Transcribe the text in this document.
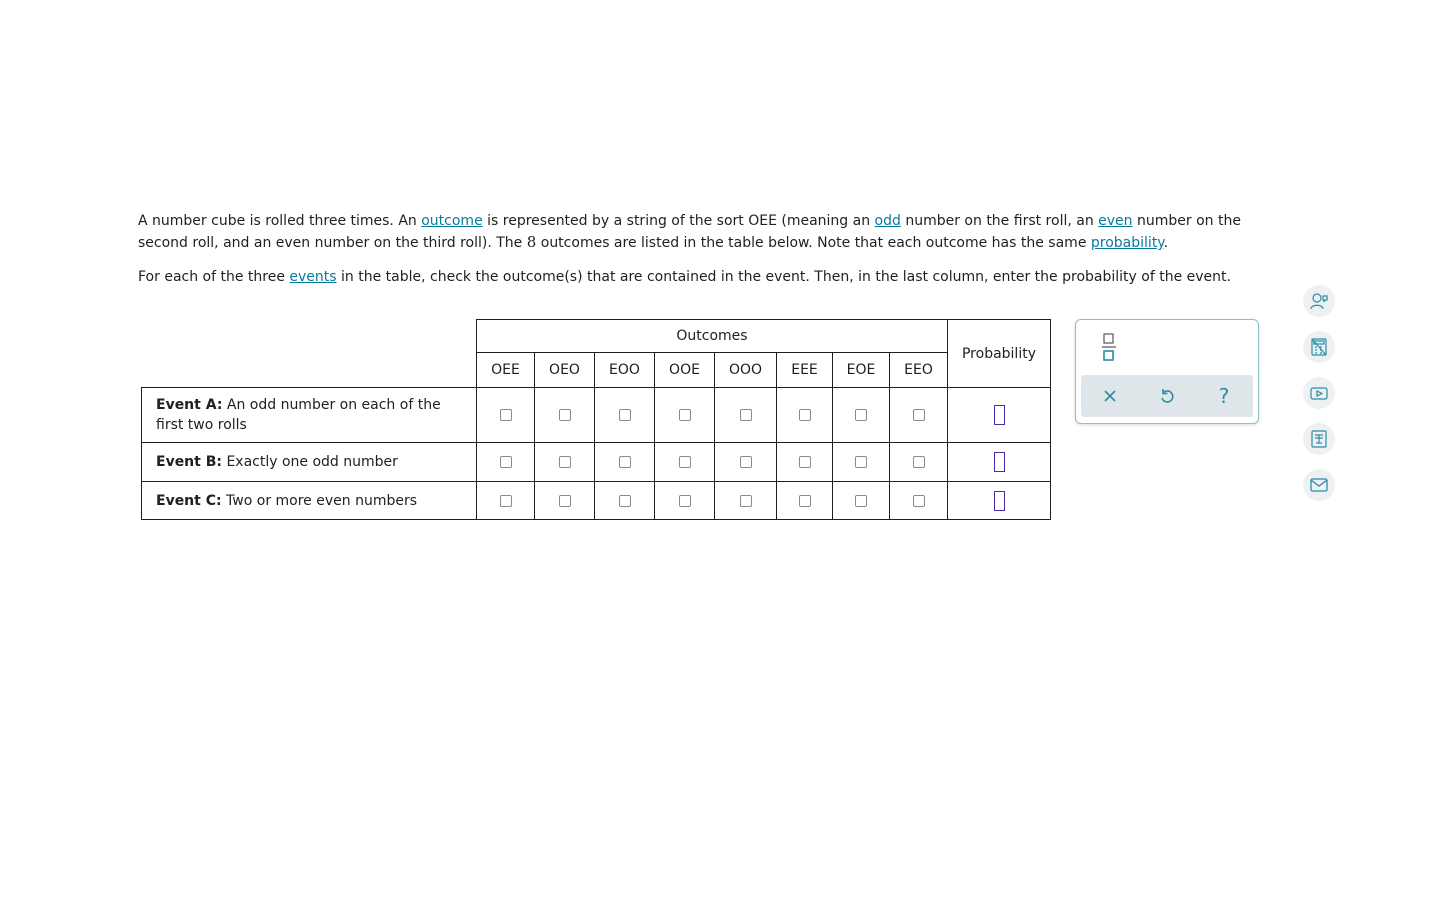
A number cube is rolled three times. An outcome is represented by a string of the sort OEE (meaning an odd number on the first roll, an even number on the second roll, and an even number on the third roll). The 8 outcomes are listed in the table below. Note that each outcome has the same probability.

For each of the three events in the table, check the outcome(s) that are contained in the event. Then, in the last column, enter the probability of the event.

	Outcomes								Probability
	OEE	OEO	EOO	OOE	OOO	EEE	EOE	EEO	
Event A: An odd number on each of the first two rolls									
Event B: Exactly one odd number									
Event C: Two or more even numbers									
?
